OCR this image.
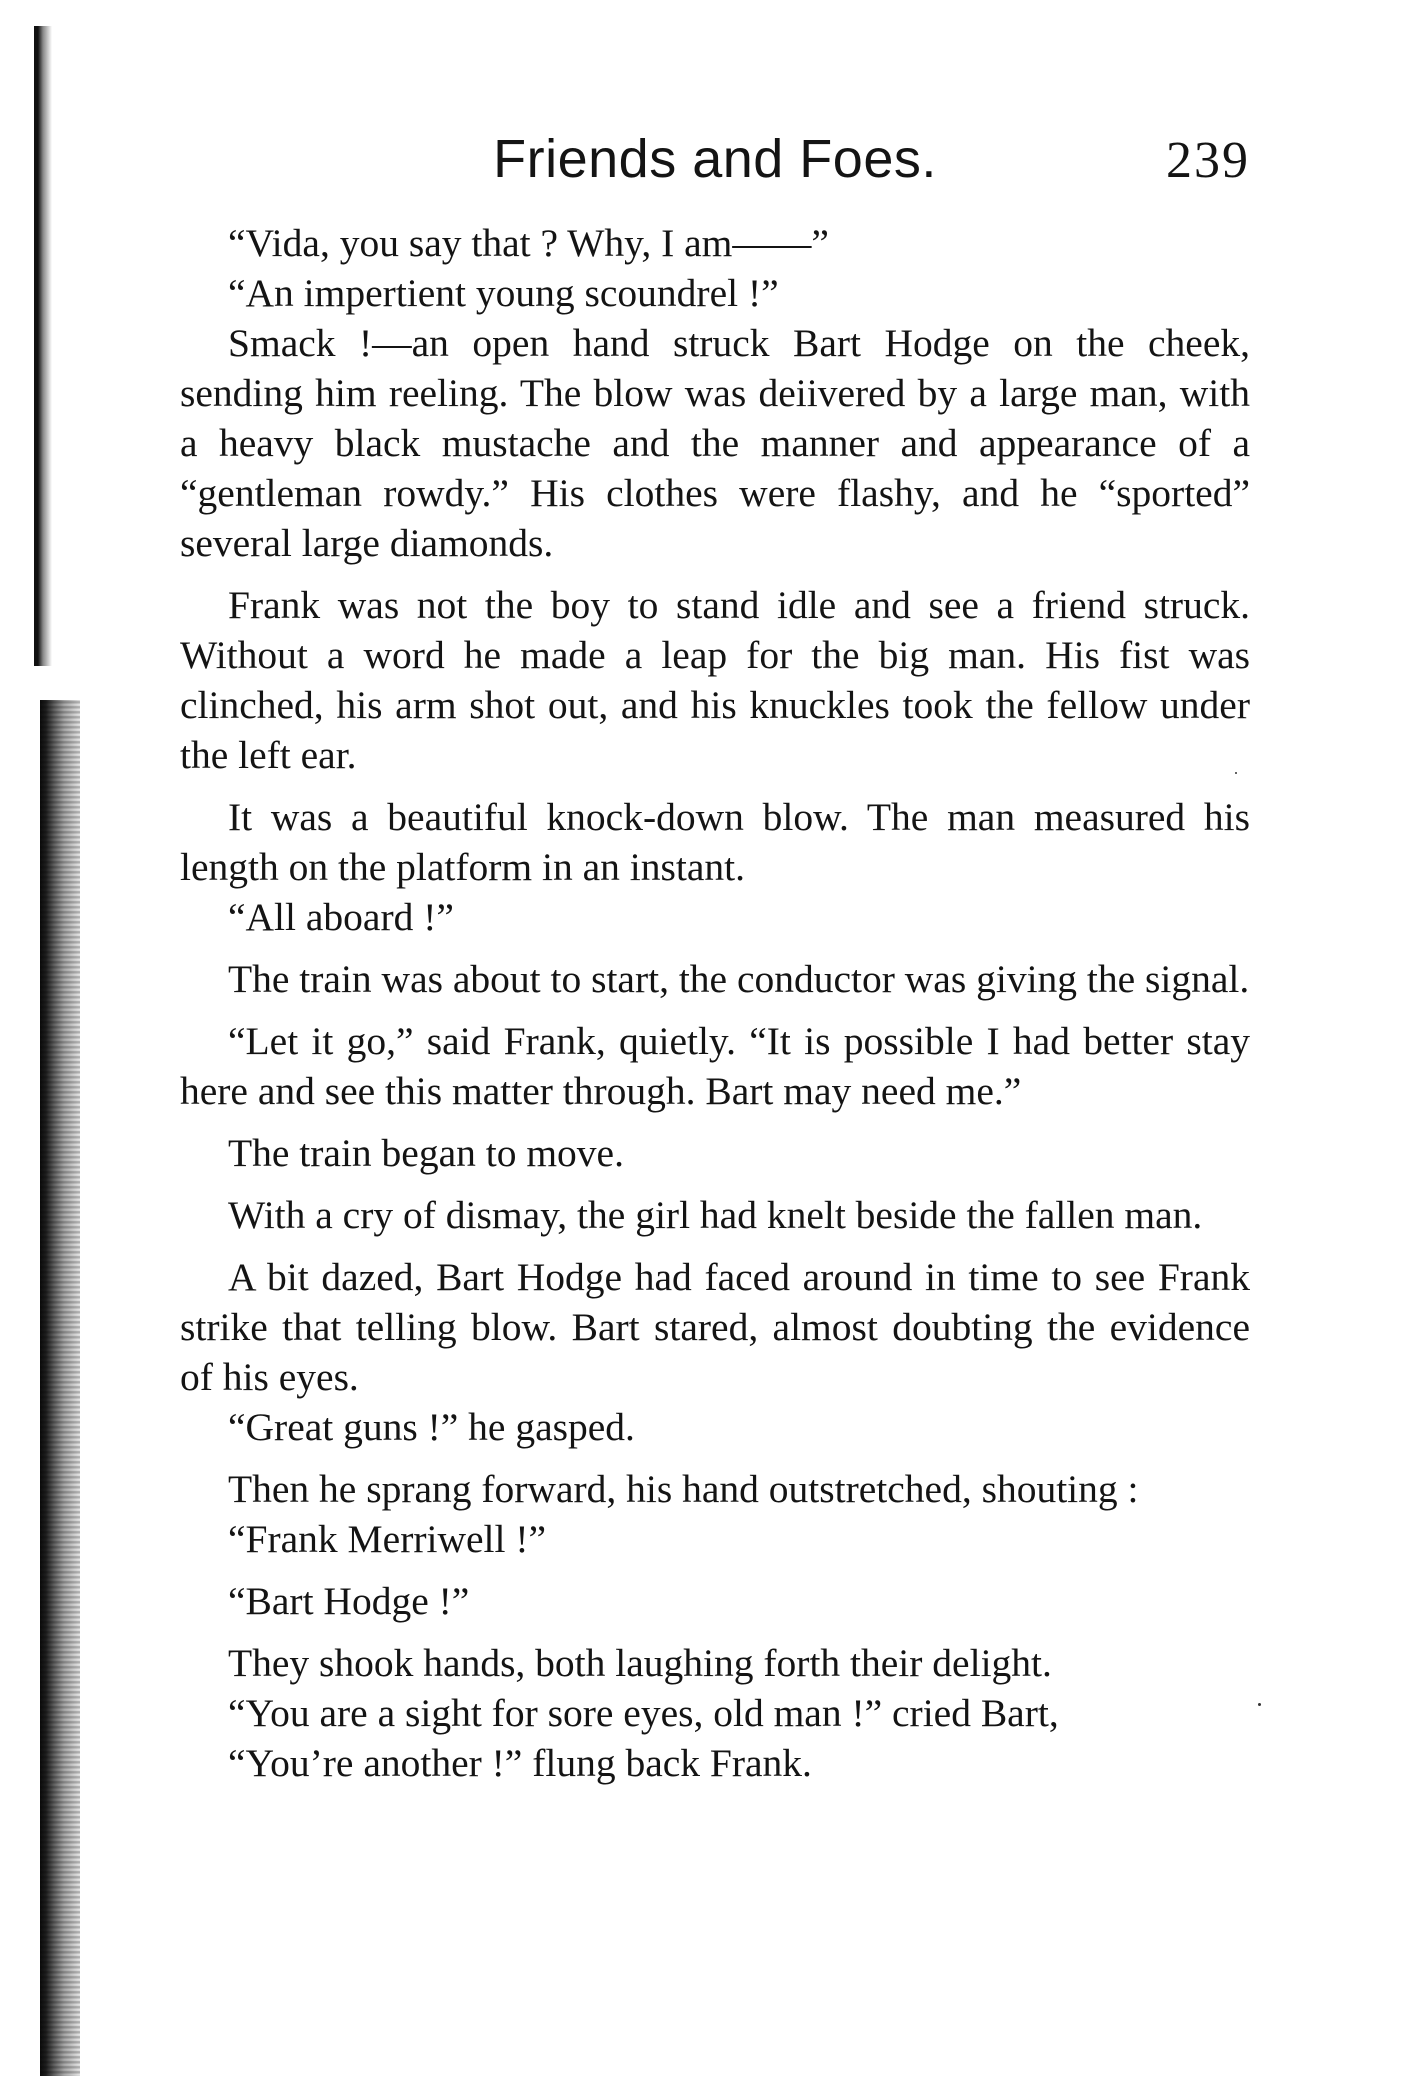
Friends and Foes.	239

“Vida, you say that ? Why, I am——”

“An impertient young scoundrel !”

Smack !—an open hand struck Bart Hodge on the cheek, sending him reeling. The blow was deiivered by a large man, with a heavy black mustache and the manner and appearance of a “gentleman rowdy.” His clothes were flashy, and he “sported” several large diamonds.

Frank was not the boy to stand idle and see a friend struck. Without a word he made a leap for the big man. His fist was clinched, his arm shot out, and his knuckles took the fellow under the left ear.

It was a beautiful knock-down blow. The man measured his length on the platform in an instant.

“All aboard !”

The train was about to start, the conductor was giving the signal.

“Let it go,” said Frank, quietly. “It is possible I had better stay here and see this matter through. Bart may need me.”

The train began to move.

With a cry of dismay, the girl had knelt beside the fallen man.

A bit dazed, Bart Hodge had faced around in time to see Frank strike that telling blow. Bart stared, almost doubting the evidence of his eyes.

“Great guns !” he gasped.

Then he sprang forward, his hand outstretched, shouting :

“Frank Merriwell !”

“Bart Hodge !”

They shook hands, both laughing forth their delight.

“You are a sight for sore eyes, old man !” cried Bart,

“You’re another !” flung back Frank.
